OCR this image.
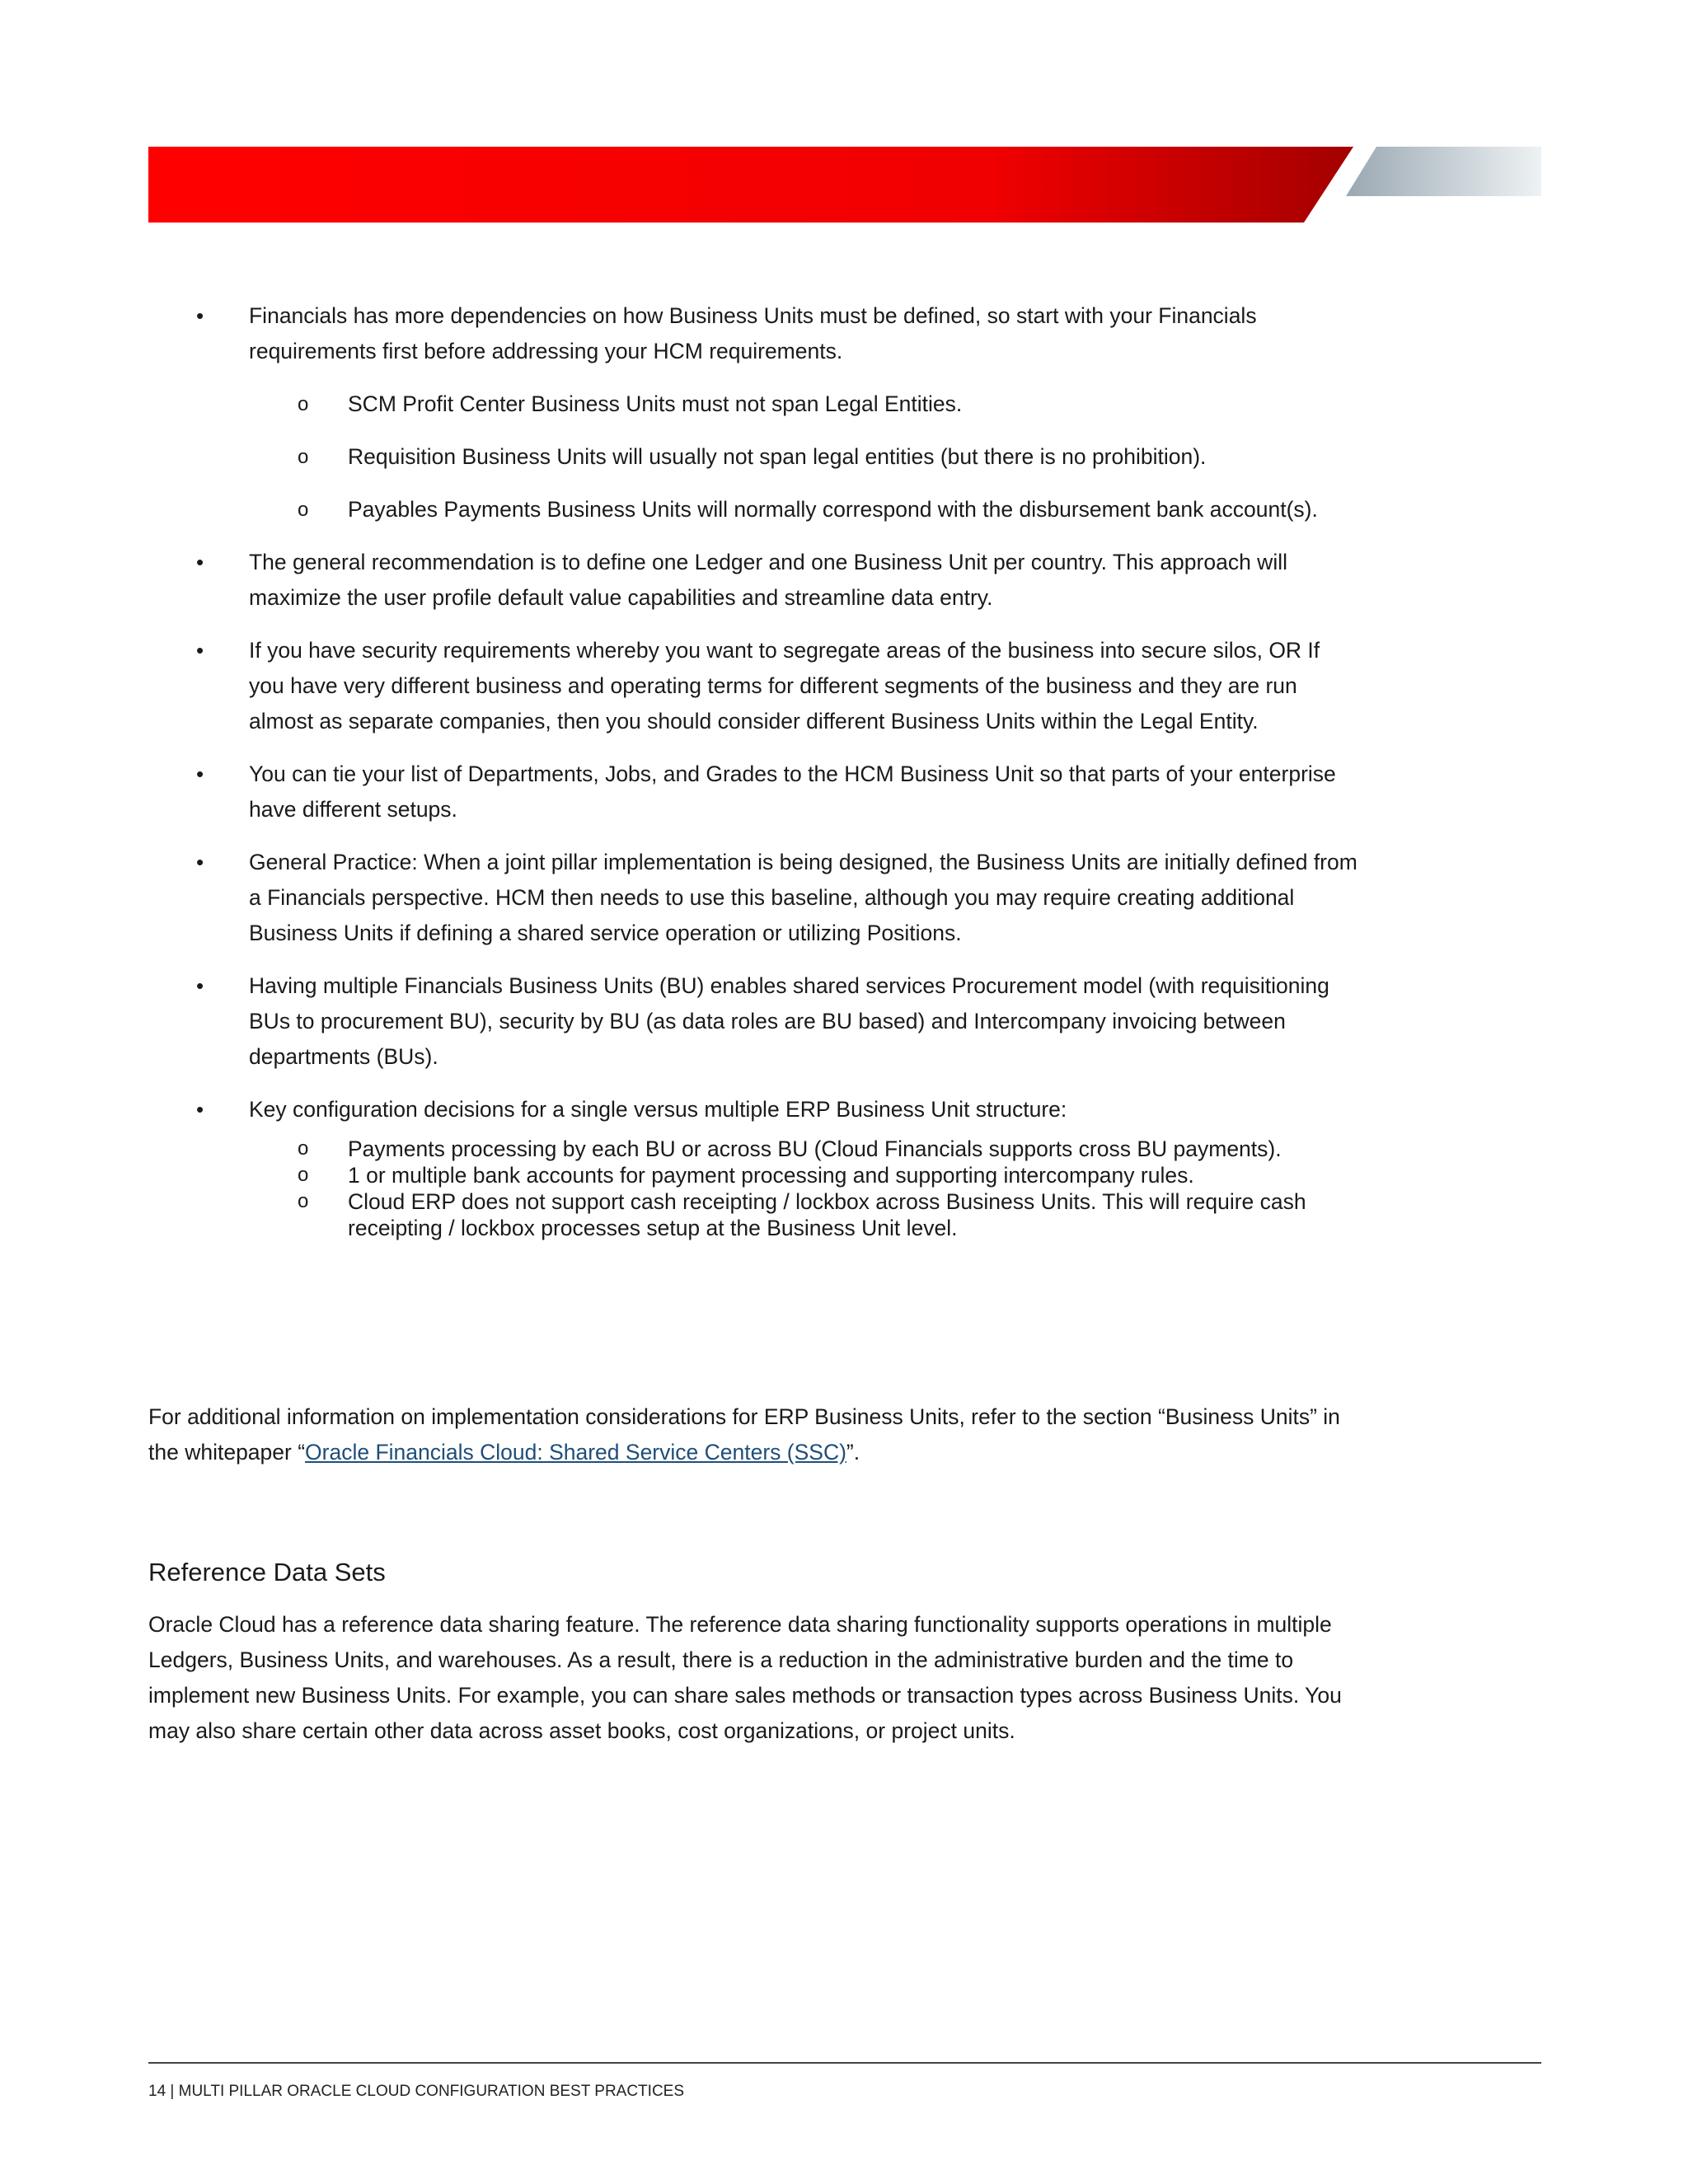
• Financials has more dependencies on how Business Units must be defined, so start with your Financials requirements first before addressing your HCM requirements.
o SCM Profit Center Business Units must not span Legal Entities.
o Requisition Business Units will usually not span legal entities (but there is no prohibition).
o Payables Payments Business Units will normally correspond with the disbursement bank account(s).
• The general recommendation is to define one Ledger and one Business Unit per country. This approach will maximize the user profile default value capabilities and streamline data entry.
• If you have security requirements whereby you want to segregate areas of the business into secure silos, OR If you have very different business and operating terms for different segments of the business and they are run almost as separate companies, then you should consider different Business Units within the Legal Entity.
• You can tie your list of Departments, Jobs, and Grades to the HCM Business Unit so that parts of your enterprise have different setups.
• General Practice: When a joint pillar implementation is being designed, the Business Units are initially defined from a Financials perspective. HCM then needs to use this baseline, although you may require creating additional Business Units if defining a shared service operation or utilizing Positions.
• Having multiple Financials Business Units (BU) enables shared services Procurement model (with requisitioning BUs to procurement BU), security by BU (as data roles are BU based) and Intercompany invoicing between departments (BUs).
• Key configuration decisions for a single versus multiple ERP Business Unit structure:
o Payments processing by each BU or across BU (Cloud Financials supports cross BU payments).
o 1 or multiple bank accounts for payment processing and supporting intercompany rules.
o Cloud ERP does not support cash receipting / lockbox across Business Units. This will require cash receipting / lockbox processes setup at the Business Unit level.

For additional information on implementation considerations for ERP Business Units, refer to the section “Business Units” in the whitepaper “Oracle Financials Cloud: Shared Service Centers (SSC)”.

Reference Data Sets

Oracle Cloud has a reference data sharing feature. The reference data sharing functionality supports operations in multiple Ledgers, Business Units, and warehouses. As a result, there is a reduction in the administrative burden and the time to implement new Business Units. For example, you can share sales methods or transaction types across Business Units. You may also share certain other data across asset books, cost organizations, or project units.

14 | MULTI PILLAR ORACLE CLOUD CONFIGURATION BEST PRACTICES
